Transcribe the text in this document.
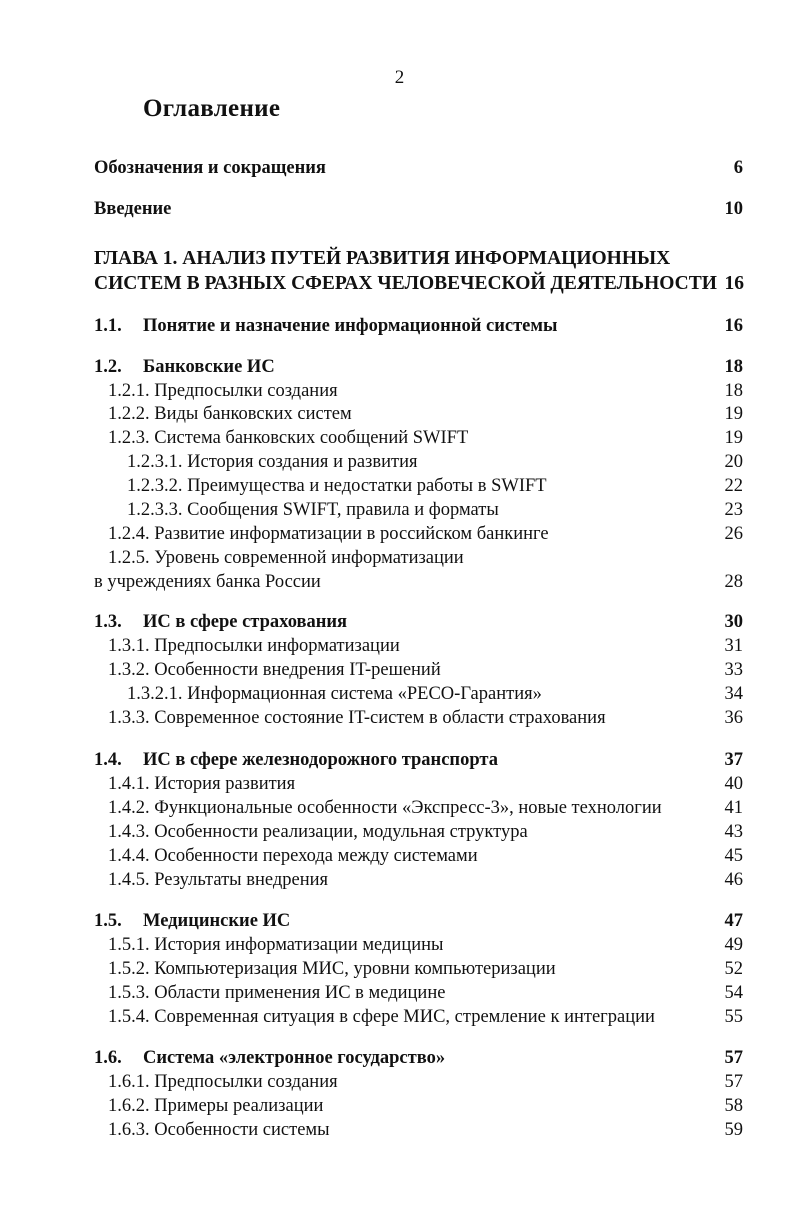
2
Оглавление
Обозначения и сокращения	6
Введение	10
ГЛАВА 1. АНАЛИЗ ПУТЕЙ РАЗВИТИЯ ИНФОРМАЦИОННЫХ
СИСТЕМ В РАЗНЫХ СФЕРАХ ЧЕЛОВЕЧЕСКОЙ ДЕЯТЕЛЬНОСТИ 16
1.1. Понятие и назначение информационной системы	16
1.2. Банковские ИС	18
1.2.1. Предпосылки создания	18
1.2.2. Виды банковских систем	19
1.2.3. Система банковских сообщений SWIFT	19
1.2.3.1. История создания и развития	20
1.2.3.2. Преимущества и недостатки работы в SWIFT	22
1.2.3.3. Сообщения SWIFT, правила и форматы	23
1.2.4. Развитие информатизации в российском банкинге	26
1.2.5. Уровень современной информатизации
в учреждениях банка России	28
1.3. ИС в сфере страхования	30
1.3.1. Предпосылки информатизации	31
1.3.2. Особенности внедрения IT-решений	33
1.3.2.1. Информационная система «РЕСО-Гарантия»	34
1.3.3. Современное состояние IT-систем в области страхования	36
1.4. ИС в сфере железнодорожного транспорта	37
1.4.1. История развития	40
1.4.2. Функциональные особенности «Экспресс-3», новые технологии	41
1.4.3. Особенности реализации, модульная структура	43
1.4.4. Особенности перехода между системами	45
1.4.5. Результаты внедрения	46
1.5. Медицинские ИС	47
1.5.1. История информатизации медицины	49
1.5.2. Компьютеризация МИС, уровни компьютеризации	52
1.5.3. Области применения ИС в медицине	54
1.5.4. Современная ситуация в сфере МИС, стремление к интеграции	55
1.6. Система «электронное государство»	57
1.6.1. Предпосылки создания	57
1.6.2. Примеры реализации	58
1.6.3. Особенности системы	59
